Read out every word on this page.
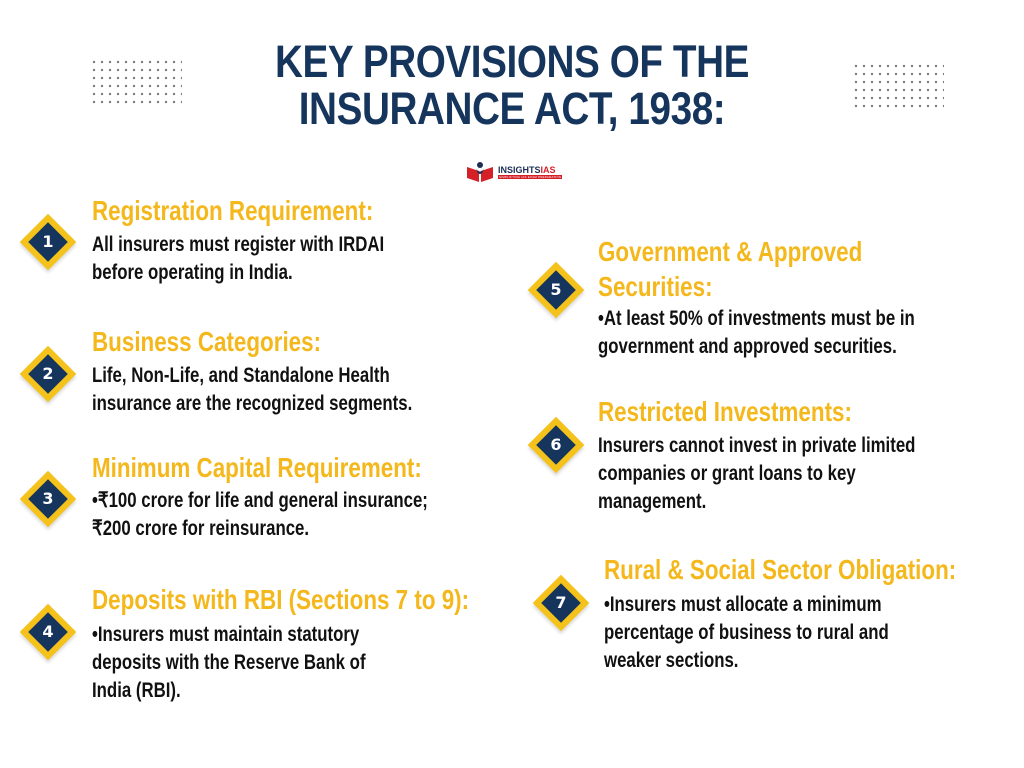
KEY PROVISIONS OF THE
INSURANCE ACT, 1938:
INSIGHTSIAS
SIMPLIFYING IAS EXAM PREPARATION
1
Registration Requirement:

All insurers must register with IRDAI
before operating in India.

2
Business Categories:

Life, Non-Life, and Standalone Health
insurance are the recognized segments.

3
Minimum Capital Requirement:

•₹100 crore for life and general insurance;
₹200 crore for reinsurance.

4
Deposits with RBI (Sections 7 to 9):

•Insurers must maintain statutory
deposits with the Reserve Bank of
India (RBI).

5
Government & Approved
Securities:

•At least 50% of investments must be in
government and approved securities.

6
Restricted Investments:

Insurers cannot invest in private limited
companies or grant loans to key
management.

7
Rural & Social Sector Obligation:

•Insurers must allocate a minimum
percentage of business to rural and
weaker sections.
